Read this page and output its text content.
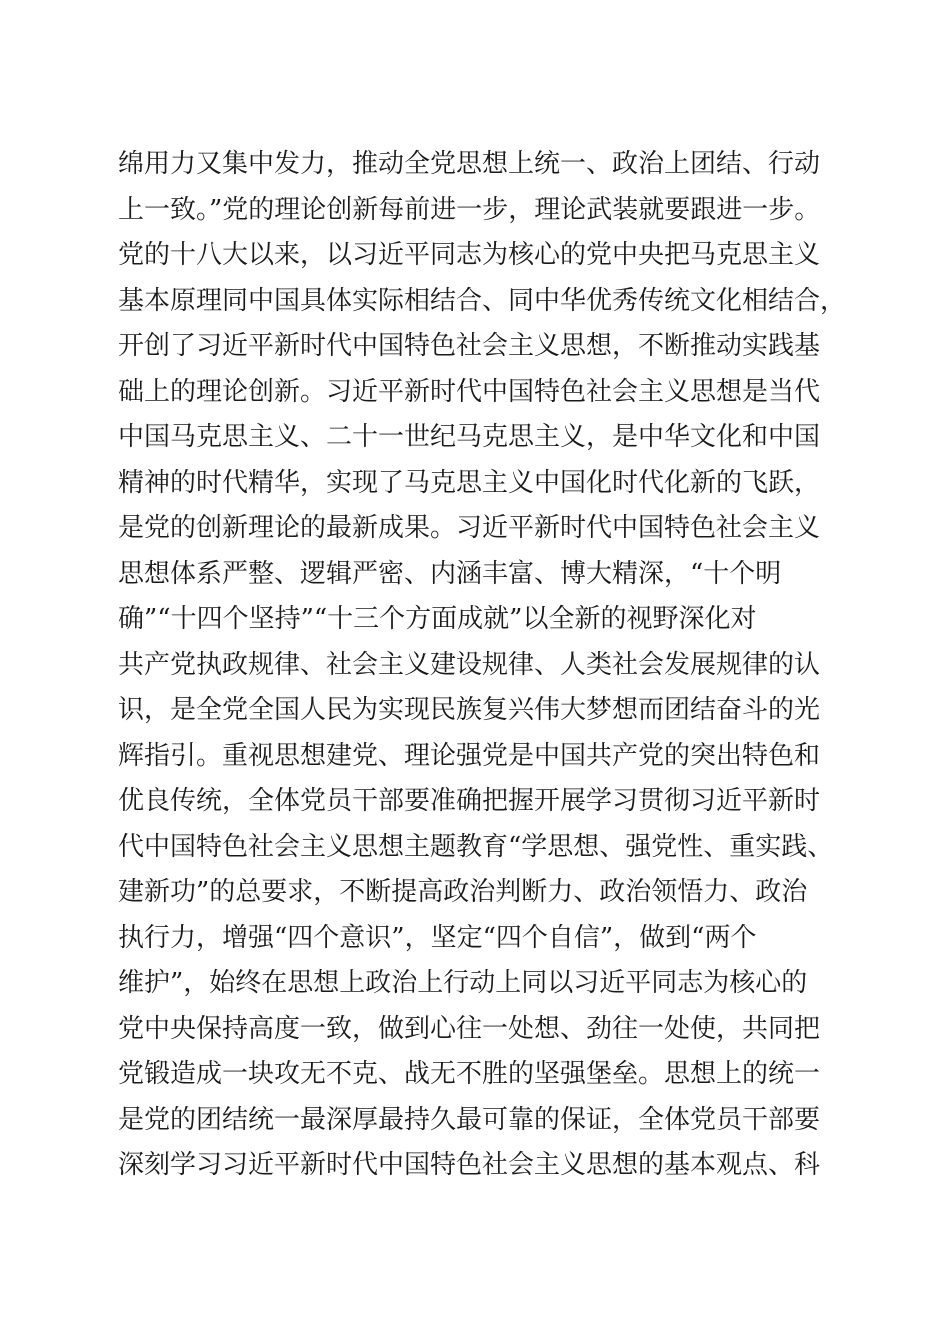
绵用力又集中发力，推动全党思想上统一、政治上团结、行动
上一致。”党的理论创新每前进一步，理论武装就要跟进一步。
党的十八大以来，以习近平同志为核心的党中央把马克思主义
基本原理同中国具体实际相结合、同中华优秀传统文化相结合，
开创了习近平新时代中国特色社会主义思想，不断推动实践基
础上的理论创新。习近平新时代中国特色社会主义思想是当代
中国马克思主义、二十一世纪马克思主义，是中华文化和中国
精神的时代精华，实现了马克思主义中国化时代化新的飞跃，
是党的创新理论的最新成果。习近平新时代中国特色社会主义
思想体系严整、逻辑严密、内涵丰富、博大精深，“十个明
确”“十四个坚持”“十三个方面成就”以全新的视野深化对
共产党执政规律、社会主义建设规律、人类社会发展规律的认
识，是全党全国人民为实现民族复兴伟大梦想而团结奋斗的光
辉指引。重视思想建党、理论强党是中国共产党的突出特色和
优良传统，全体党员干部要准确把握开展学习贯彻习近平新时
代中国特色社会主义思想主题教育“学思想、强党性、重实践、
建新功”的总要求，不断提高政治判断力、政治领悟力、政治
执行力，增强“四个意识”，坚定“四个自信”，做到“两个
维护”，始终在思想上政治上行动上同以习近平同志为核心的
党中央保持高度一致，做到心往一处想、劲往一处使，共同把
党锻造成一块攻无不克、战无不胜的坚强堡垒。思想上的统一
是党的团结统一最深厚最持久最可靠的保证，全体党员干部要
深刻学习习近平新时代中国特色社会主义思想的基本观点、科
